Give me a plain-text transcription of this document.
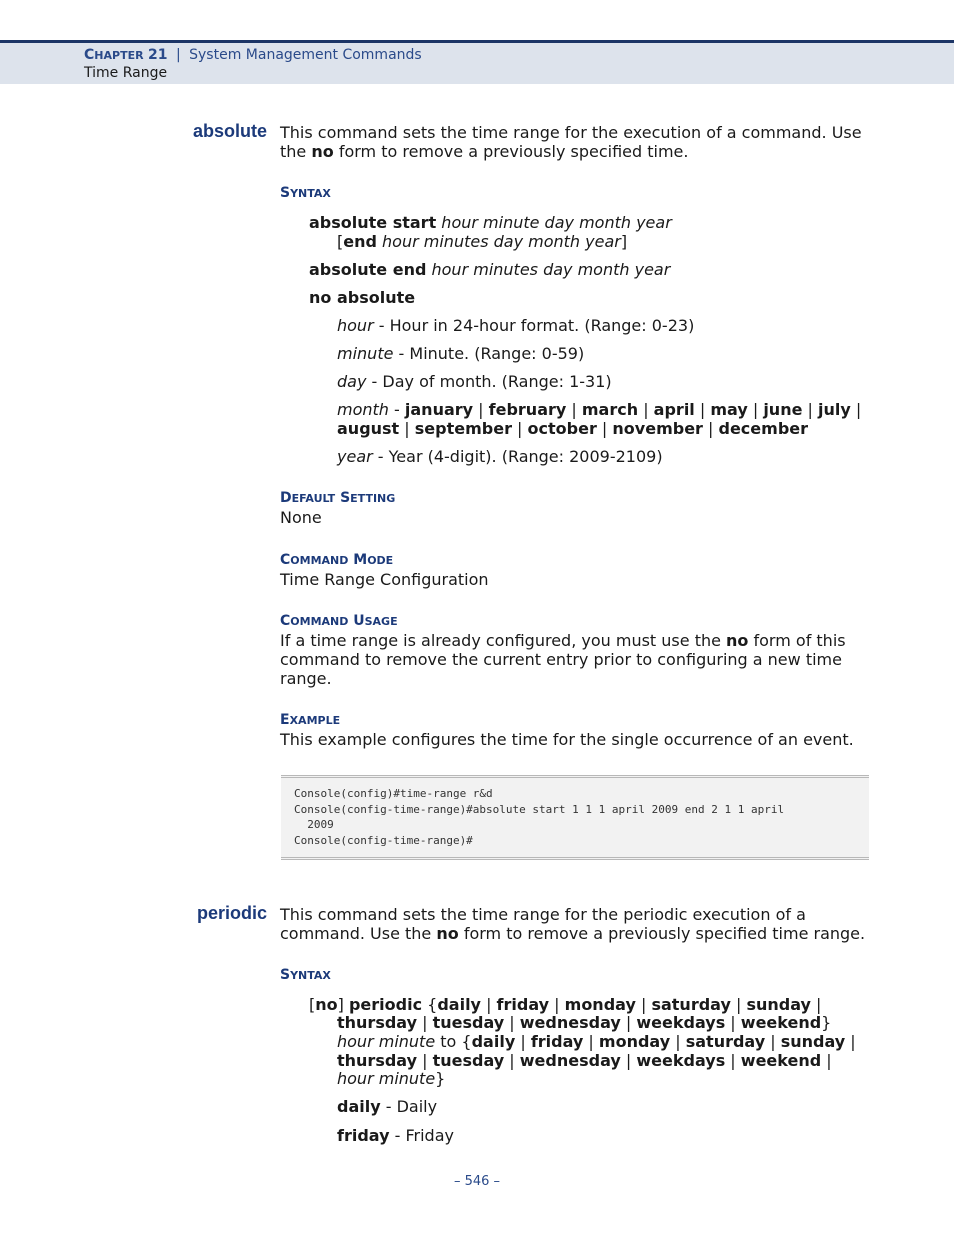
CHAPTER 21 | System Management Commands
Time Range
absolute This command sets the time range for the execution of a command. Use
the no form to remove a previously specified time.
SYNTAX
absolute start hour minute day month year
[end hour minutes day month year]
absolute end hour minutes day month year
no absolute
hour - Hour in 24-hour format. (Range: 0-23)
minute - Minute. (Range: 0-59)
day - Day of month. (Range: 1-31)
month - january | february | march | april | may | june | july |
august | september | october | november | december
year - Year (4-digit). (Range: 2009-2109)
DEFAULT SETTING
None
COMMAND MODE
Time Range Configuration
COMMAND USAGE
If a time range is already configured, you must use the no form of this
command to remove the current entry prior to configuring a new time
range.
EXAMPLE
This example configures the time for the single occurrence of an event.
Console(config)#time-range r&d
Console(config-time-range)#absolute start 1 1 1 april 2009 end 2 1 1 april
2009
Console(config-time-range)#
periodic This command sets the time range for the periodic execution of a
command. Use the no form to remove a previously specified time range.
SYNTAX
[no] periodic {daily | friday | monday | saturday | sunday |
thursday | tuesday | wednesday | weekdays | weekend}
hour minute to {daily | friday | monday | saturday | sunday |
thursday | tuesday | wednesday | weekdays | weekend |
hour minute}
daily - Daily
friday - Friday
– 546 –
